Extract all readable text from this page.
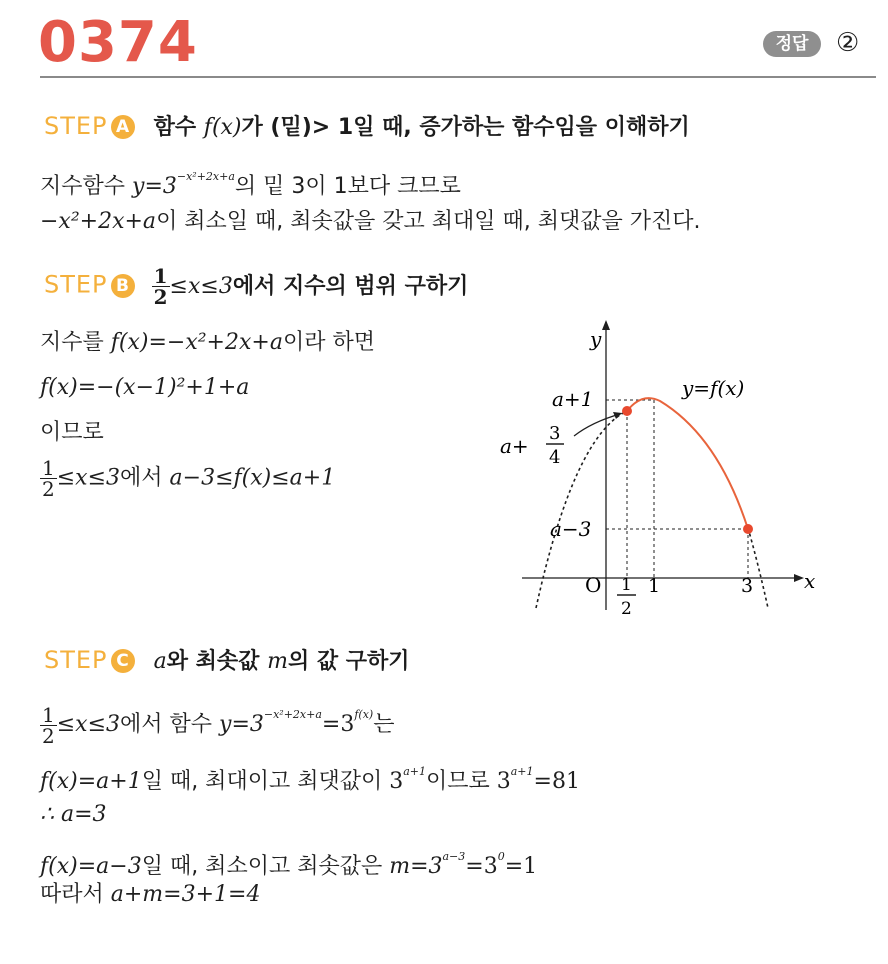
0374	정답	②
STEP A 함수 f(x)가 (밑)> 1일 때, 증가하는 함수임을 이해하기
지수함수 $y=3^{-x^2+2x+a}$의 밑 3이 1보다 크므로
−x²+2x+a이 최소일 때, 최솟값을 갖고 최대일 때, 최댓값을 가진다.
STEP B $\frac{1}{2} \le x\le 3$에서 지수의 범위 구하기
지수를 f(x)=−x²+2x+a이라 하면
f(x)=−(x−1)²+1+a
이므로
$\frac{1}{2} \le x\le 3$에서 a−3≤f(x)≤a+1
y
x
O
y=f(x)
a+1
a+
3
4
a−3
1
2
1	3
STEP C a와 최솟값 m의 값 구하기
$\frac{1}{2} \le x\le 3$에서 함수 $y=3^{-x^2+2x+a}=3^{f(x)}$는
f(x)=a+1일 때, 최대이고 최댓값이 $3^{a+1}$이므로 $3^{a+1}=81$
∴ a=3
f(x)=a−3일 때, 최소이고 최솟값은 $m=3^{a-3}=3^0=1$
따라서 a+m=3+1=4
